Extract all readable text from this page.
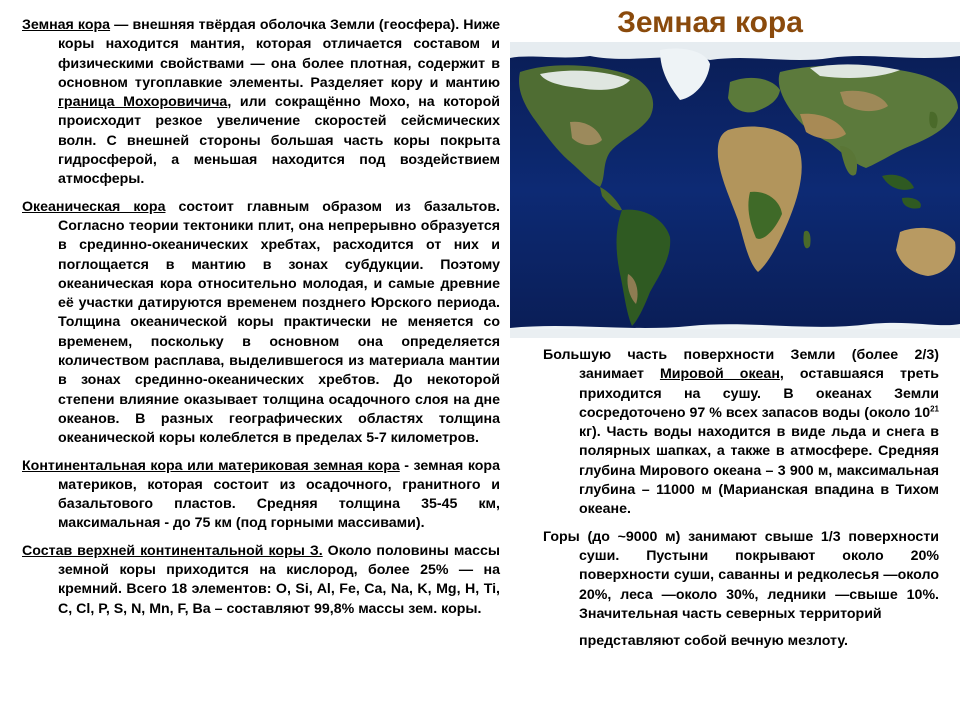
Земная кора

Земная кора — внешняя твёрдая оболочка Земли (геосфера). Ниже коры находится мантия, которая отличается составом и физическими свойствами — она более плотная, содержит в основном тугоплавкие элементы. Разделяет кору и мантию граница Мохоровичича, или сокращённо Мохо, на которой происходит резкое увеличение скоростей сейсмических волн. С внешней стороны большая часть коры покрыта гидросферой, а меньшая находится под воздействием атмосферы.

Океаническая кора состоит главным образом из базальтов. Согласно теории тектоники плит, она непрерывно образуется в срединно-океанических хребтах, расходится от них и поглощается в мантию в зонах субдукции. Поэтому океаническая кора относительно молодая, и самые древние её участки датируются временем позднего Юрского периода. Толщина океанической коры практически не меняется со временем, поскольку в основном она определяется количеством расплава, выделившегося из материала мантии в зонах срединно-океанических хребтов. До некоторой степени влияние оказывает толщина осадочного слоя на дне океанов. В разных географических областях толщина океанической коры колеблется в пределах 5-7 километров.

Континентальная кора или материковая земная кора - земная кора материков, которая состоит из осадочного, гранитного и базальтового пластов. Средняя толщина 35-45 км, максимальная - до 75 км (под горными массивами).

Состав верхней континентальной коры З. Около половины массы земной коры приходится на кислород, более 25% — на кремний. Всего 18 элементов: O, Si, Al, Fe, Ca, Na, K, Mg, H, Ti, C, Cl, P, S, N, Mn, F, Ba – составляют 99,8% массы зем. коры.

Большую часть поверхности Земли (более 2/3) занимает Мировой океан, оставшаяся треть приходится на сушу. В океанах Земли сосредоточено 97 % всех запасов воды (около $10^{21}$ кг). Часть воды находится в виде льда и снега в полярных шапках, а также в атмосфере. Средняя глубина Мирового океана – 3 900 м, максимальная глубина – 11000 м (Марианская впадина в Тихом океане.

Горы (до ~9000 м) занимают свыше 1/3 поверхности суши. Пустыни покрывают около 20% поверхности суши, саванны и редколесья —около 20%, леса —около 30%, ледники —свыше 10%. Значительная часть северных территорий

представляют собой вечную мезлоту.
